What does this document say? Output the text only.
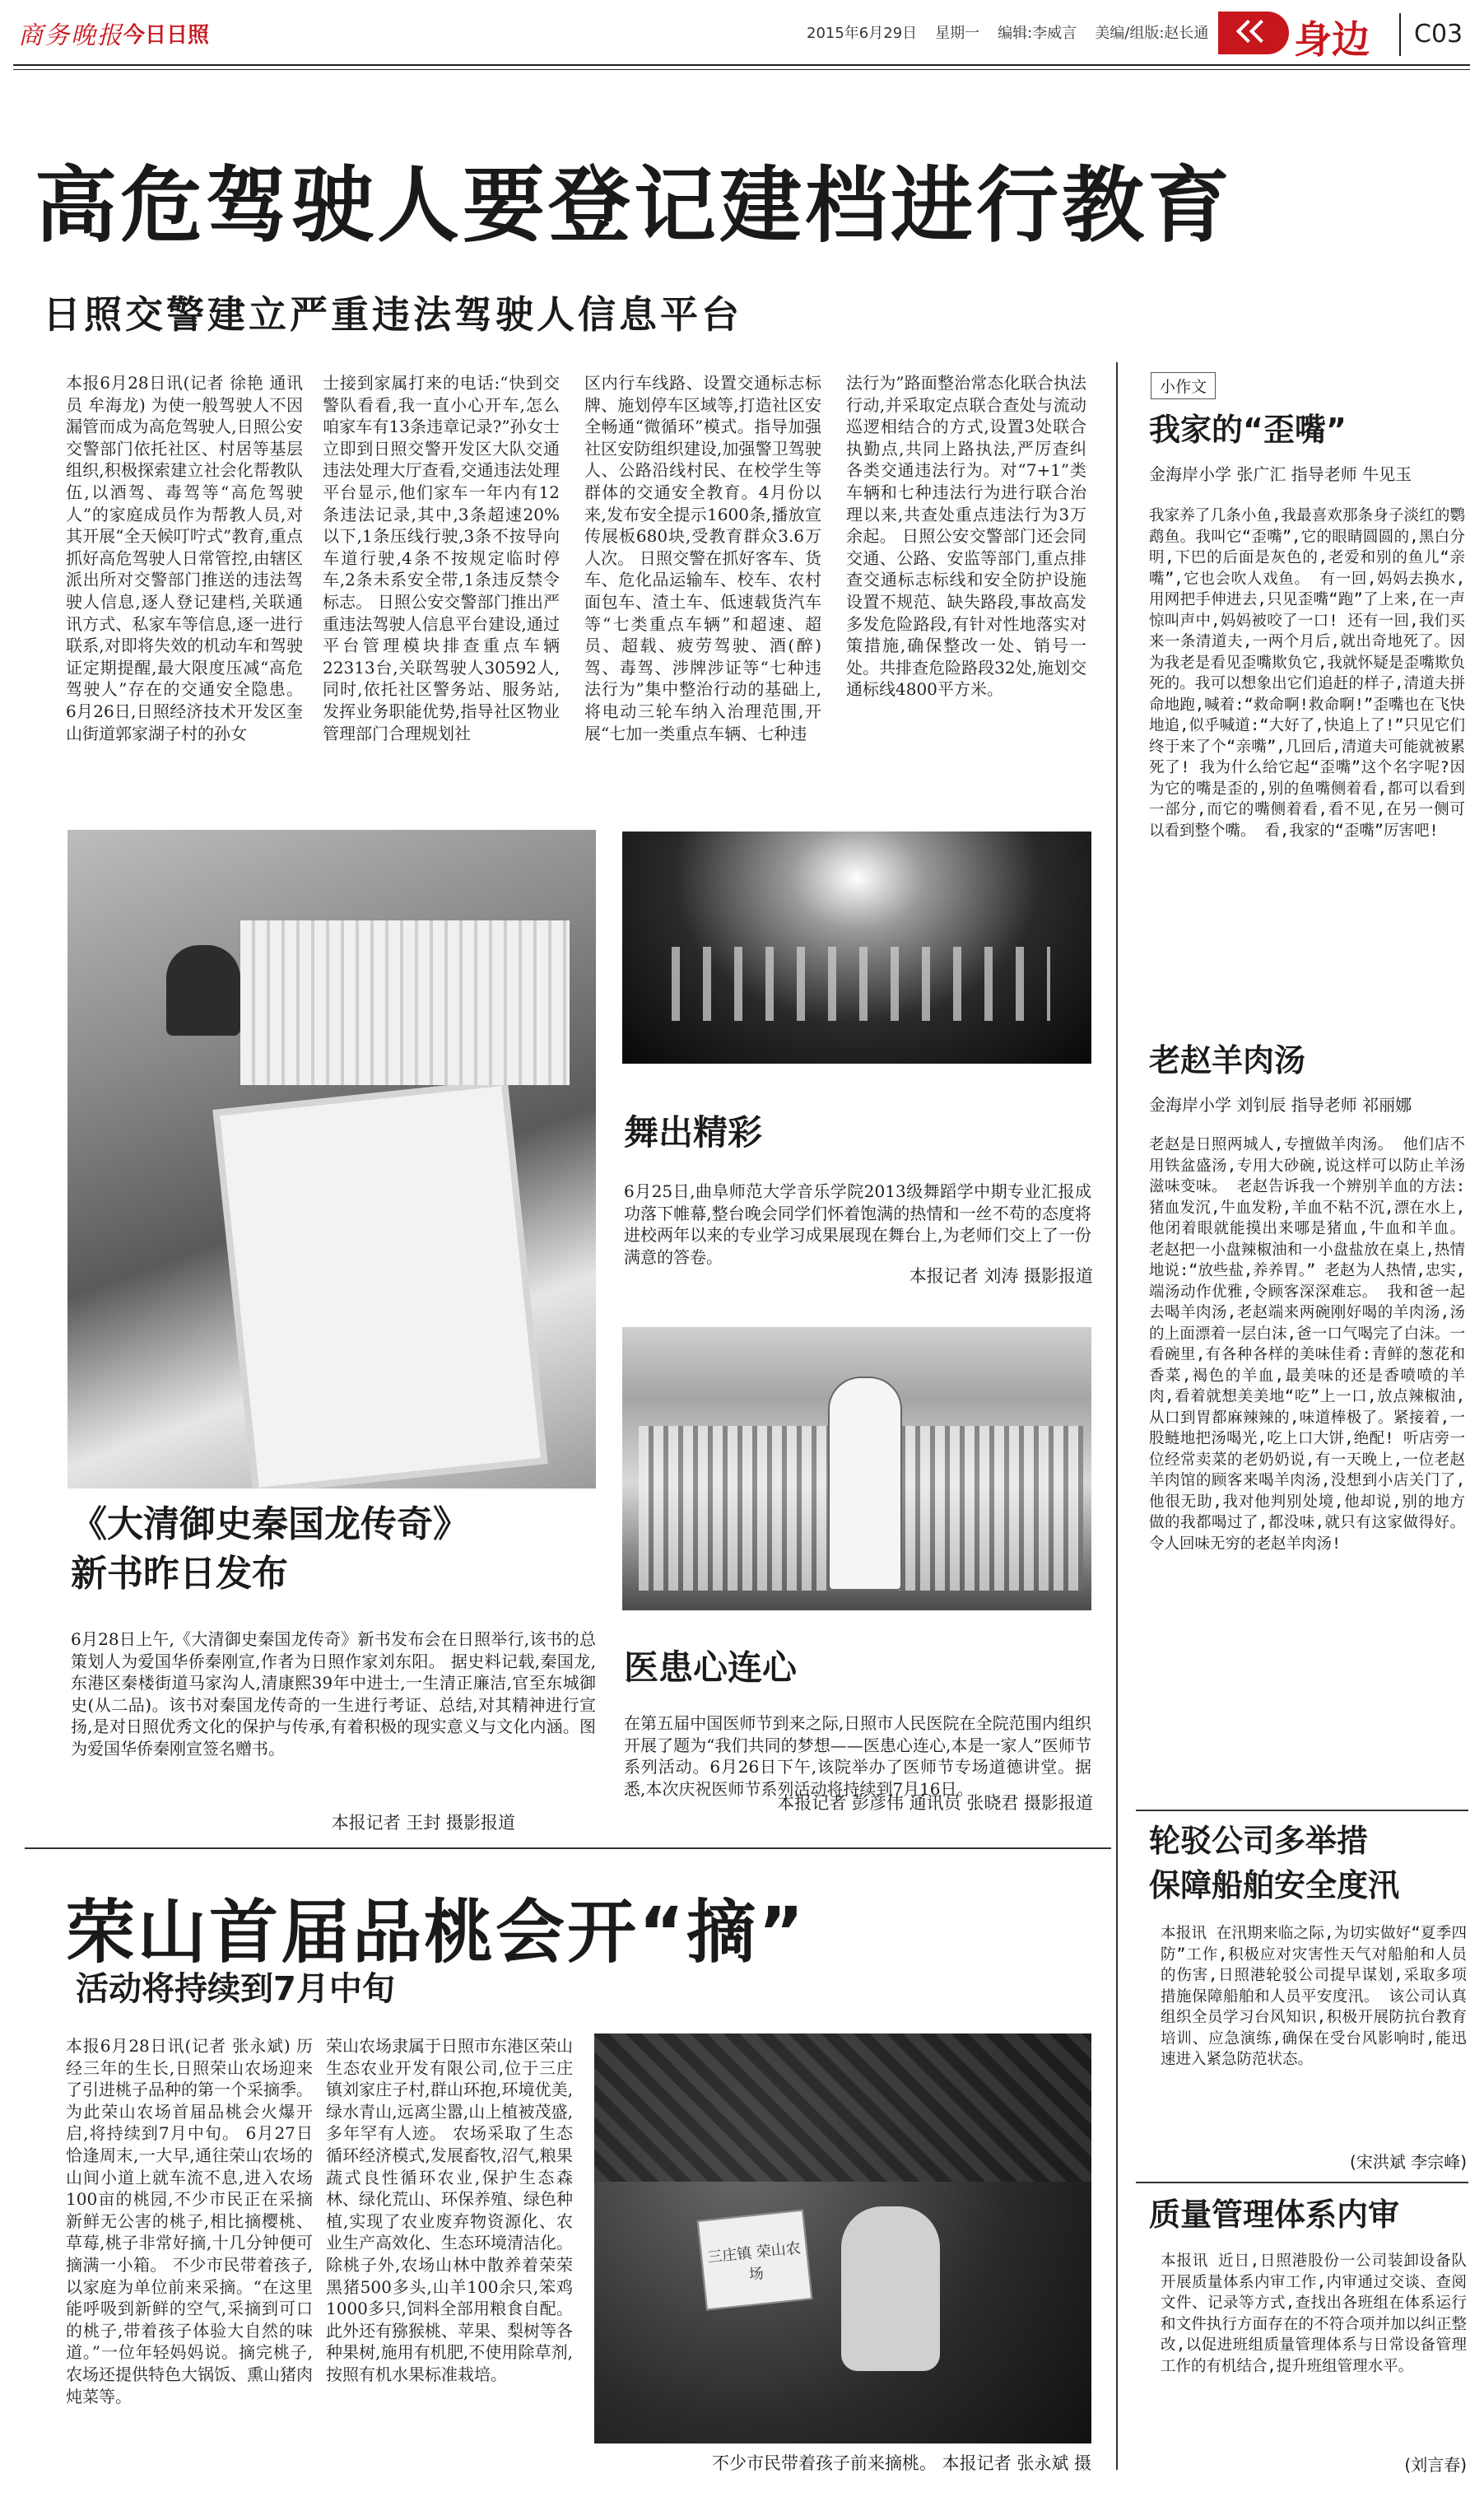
商务晚报 今日日照	2015年6月29日 星期一 编辑:李威言 美编/组版:赵长通	身边 C03
高危驾驶人要登记建档进行教育
日照交警建立严重违法驾驶人信息平台
本报6月28日讯(记者 徐艳 通讯员 牟海龙) 为使一般驾驶人不因漏管而成为高危驾驶人,日照公安交警部门依托社区、村居等基层组织,积极探索建立社会化帮教队伍,以酒驾、毒驾等“高危驾驶人”的家庭成员作为帮教人员,对其开展“全天候叮咛式”教育,重点抓好高危驾驶人日常管控,由辖区派出所对交警部门推送的违法驾驶人信息,逐人登记建档,关联通讯方式、私家车等信息,逐一进行联系,对即将失效的机动车和驾驶证定期提醒,最大限度压减“高危驾驶人”存在的交通安全隐患。 6月26日,日照经济技术开发区奎山街道郭家湖子村的孙女
士接到家属打来的电话:“快到交警队看看,我一直小心开车,怎么咱家车有13条违章记录?”孙女士立即到日照交警开发区大队交通违法处理大厅查看,交通违法处理平台显示,他们家车一年内有12条违法记录,其中,3条超速20%以下,1条压线行驶,3条不按导向车道行驶,4条不按规定临时停车,2条未系安全带,1条违反禁令标志。 日照公安交警部门推出严重违法驾驶人信息平台建设,通过平台管理模块排查重点车辆22313台,关联驾驶人30592人,同时,依托社区警务站、服务站,发挥业务职能优势,指导社区物业管理部门合理规划社
区内行车线路、设置交通标志标牌、施划停车区域等,打造社区安全畅通“微循环”模式。指导加强社区安防组织建设,加强警卫驾驶人、公路沿线村民、在校学生等群体的交通安全教育。4月份以来,发布安全提示1600条,播放宣传展板680块,受教育群众3.6万人次。 日照交警在抓好客车、货车、危化品运输车、校车、农村面包车、渣土车、低速载货汽车等“七类重点车辆”和超速、超员、超载、疲劳驾驶、酒(醉)驾、毒驾、涉牌涉证等“七种违法行为”集中整治行动的基础上,将电动三轮车纳入治理范围,开展“七加一类重点车辆、七种违
法行为”路面整治常态化联合执法行动,并采取定点联合查处与流动巡逻相结合的方式,设置3处联合执勤点,共同上路执法,严厉查纠各类交通违法行为。对“7+1”类车辆和七种违法行为进行联合治理以来,共查处重点违法行为3万余起。 日照公安交警部门还会同交通、公路、安监等部门,重点排查交通标志标线和安全防护设施设置不规范、缺失路段,事故高发多发危险路段,有针对性地落实对策措施,确保整改一处、销号一处。共排查危险路段32处,施划交通标线4800平方米。
小作文
我家的“歪嘴”
金海岸小学 张广汇 指导老师 牛见玉
我家养了几条小鱼,我最喜欢那条身子淡红的鹦鹉鱼。我叫它“歪嘴”,它的眼睛圆圆的,黑白分明,下巴的后面是灰色的,老爱和别的鱼儿“亲嘴”,它也会吹人戏鱼。 有一回,妈妈去换水,用网把手伸进去,只见歪嘴“跑”了上来,在一声惊叫声中,妈妈被咬了一口! 还有一回,我们买来一条清道夫,一两个月后,就出奇地死了。因为我老是看见歪嘴欺负它,我就怀疑是歪嘴欺负死的。我可以想象出它们追赶的样子,清道夫拼命地跑,喊着:“救命啊!救命啊!”歪嘴也在飞快地追,似乎喊道:“大好了,快追上了!”只见它们终于来了个“亲嘴”,几回后,清道夫可能就被累死了! 我为什么给它起“歪嘴”这个名字呢?因为它的嘴是歪的,别的鱼嘴侧着看,都可以看到一部分,而它的嘴侧着看,看不见,在另一侧可以看到整个嘴。 看,我家的“歪嘴”厉害吧!
老赵羊肉汤
金海岸小学 刘钊辰 指导老师 祁丽娜
老赵是日照两城人,专擅做羊肉汤。 他们店不用铁盆盛汤,专用大砂碗,说这样可以防止羊汤滋味变味。 老赵告诉我一个辨别羊血的方法:猪血发沉,牛血发粉,羊血不粘不沉,漂在水上,他闭着眼就能摸出来哪是猪血,牛血和羊血。 老赵把一小盘辣椒油和一小盘盐放在桌上,热情地说:“放些盐,养养胃。” 老赵为人热情,忠实,端汤动作优雅,令顾客深深难忘。 我和爸一起去喝羊肉汤,老赵端来两碗刚好喝的羊肉汤,汤的上面漂着一层白沫,爸一口气喝完了白沫。一看碗里,有各种各样的美味佳肴:青鲜的葱花和香菜,褐色的羊血,最美味的还是香喷喷的羊肉,看着就想美美地“吃”上一口,放点辣椒油,从口到胃都麻辣辣的,味道棒极了。紧接着,一股鲢地把汤喝光,吃上口大饼,绝配! 听店旁一位经常卖菜的老奶奶说,有一天晚上,一位老赵羊肉馆的顾客来喝羊肉汤,没想到小店关门了,他很无助,我对他判别处境,他却说,别的地方做的我都喝过了,都没味,就只有这家做得好。 令人回味无穷的老赵羊肉汤!
轮驳公司多举措
保障船舶安全度汛
本报讯 在汛期来临之际,为切实做好“夏季四防”工作,积极应对灾害性天气对船舶和人员的伤害,日照港轮驳公司提早谋划,采取多项措施保障船舶和人员平安度汛。 该公司认真组织全员学习台风知识,积极开展防抗台教育培训、应急演练,确保在受台风影响时,能迅速进入紧急防范状态。
(宋洪斌 李宗峰)
质量管理体系内审
本报讯 近日,日照港股份一公司装卸设备队开展质量体系内审工作,内审通过交谈、查阅文件、记录等方式,查找出各班组在体系运行和文件执行方面存在的不符合项并加以纠正整改,以促进班组质量管理体系与日常设备管理工作的有机结合,提升班组管理水平。
(刘言春)
《大清御史秦国龙传奇》
新书昨日发布
6月28日上午,《大清御史秦国龙传奇》新书发布会在日照举行,该书的总策划人为爱国华侨秦刚宣,作者为日照作家刘东阳。 据史料记载,秦国龙,东港区秦楼街道马家沟人,清康熙39年中进士,一生清正廉洁,官至东城御史(从二品)。该书对秦国龙传奇的一生进行考证、总结,对其精神进行宣扬,是对日照优秀文化的保护与传承,有着积极的现实意义与文化内涵。图为爱国华侨秦刚宣签名赠书。
本报记者 王封 摄影报道
舞出精彩
6月25日,曲阜师范大学音乐学院2013级舞蹈学中期专业汇报成功落下帷幕,整台晚会同学们怀着饱满的热情和一丝不苟的态度将进校两年以来的专业学习成果展现在舞台上,为老师们交上了一份满意的答卷。
本报记者 刘涛 摄影报道
医患心连心
在第五届中国医师节到来之际,日照市人民医院在全院范围内组织开展了题为“我们共同的梦想——医患心连心,本是一家人”医师节系列活动。6月26日下午,该院举办了医师节专场道德讲堂。据悉,本次庆祝医师节系列活动将持续到7月16日。
本报记者 彭彦伟 通讯员 张晓君 摄影报道
荣山首届品桃会开“摘”
活动将持续到7月中旬
本报6月28日讯(记者 张永斌) 历经三年的生长,日照荣山农场迎来了引进桃子品种的第一个采摘季。为此荣山农场首届品桃会火爆开启,将持续到7月中旬。 6月27日恰逢周末,一大早,通往荣山农场的山间小道上就车流不息,进入农场100亩的桃园,不少市民正在采摘新鲜无公害的桃子,相比摘樱桃、草莓,桃子非常好摘,十几分钟便可摘满一小箱。 不少市民带着孩子,以家庭为单位前来采摘。“在这里能呼吸到新鲜的空气,采摘到可口的桃子,带着孩子体验大自然的味道。”一位年轻妈妈说。摘完桃子,农场还提供特色大锅饭、熏山猪肉炖菜等。
荣山农场隶属于日照市东港区荣山生态农业开发有限公司,位于三庄镇刘家庄子村,群山环抱,环境优美,绿水青山,远离尘嚣,山上植被茂盛,多年罕有人迹。 农场采取了生态循环经济模式,发展畜牧,沼气,粮果蔬式良性循环农业,保护生态森林、绿化荒山、环保养殖、绿色种植,实现了农业废弃物资源化、农业生产高效化、生态环境清洁化。 除桃子外,农场山林中散养着荣荣黑猪500多头,山羊100余只,笨鸡1000多只,饲料全部用粮食自配。此外还有猕猴桃、苹果、梨树等各种果树,施用有机肥,不使用除草剂,按照有机水果标准栽培。
三庄镇 荣山农场
不少市民带着孩子前来摘桃。 本报记者 张永斌 摄
